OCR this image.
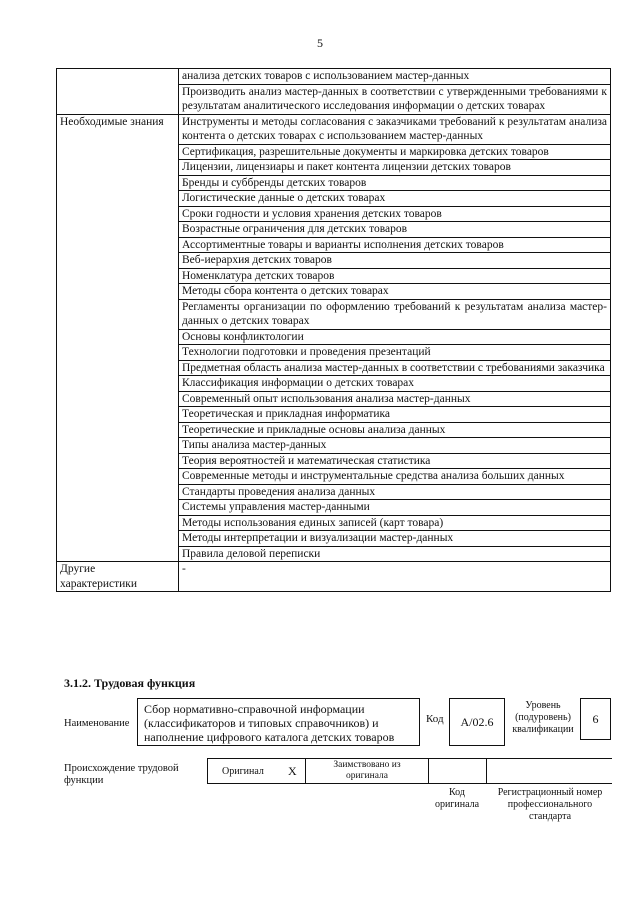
5
	анализа детских товаров с использованием мастер-данных
	Производить анализ мастер-данных в соответствии с утвержденными требованиями к результатам аналитического исследования информации о детских товарах
Необходимые знания	Инструменты и методы согласования с заказчиками требований к результатам анализа контента о детских товарах с использованием мастер-данных
	Сертификация, разрешительные документы и маркировка детских товаров
	Лицензии, лицензиары и пакет контента лицензии детских товаров
	Бренды и суббренды детских товаров
	Логистические данные о детских товарах
	Сроки годности и условия хранения детских товаров
	Возрастные ограничения для детских товаров
	Ассортиментные товары и варианты исполнения детских товаров
	Веб-иерархия детских товаров
	Номенклатура детских товаров
	Методы сбора контента о детских товарах
	Регламенты организации по оформлению требований к результатам анализа мастер-данных о детских товарах
	Основы конфликтологии
	Технологии подготовки и проведения презентаций
	Предметная область анализа мастер-данных в соответствии с требованиями заказчика
	Классификация информации о детских товарах
	Современный опыт использования анализа мастер-данных
	Теоретическая и прикладная информатика
	Теоретические и прикладные основы анализа данных
	Типы анализа мастер-данных
	Теория вероятностей и математическая статистика
	Современные методы и инструментальные средства анализа больших данных
	Стандарты проведения анализа данных
	Системы управления мастер-данными
	Методы использования единых записей (карт товара)
	Методы интерпретации и визуализации мастер-данных
	Правила деловой переписки
Другие характеристики	-
3.1.2. Трудовая функция
Наименование
Сбор нормативно-справочной информации (классификаторов и типовых справочников) и наполнение цифрового каталога детских товаров
Код	A/02.6
Уровень (подуровень) квалификации
6
Происхождение трудовой функции
Оригинал X	Заимствовано из оригинала
Код оригинала
Регистрационный номер профессионального стандарта
